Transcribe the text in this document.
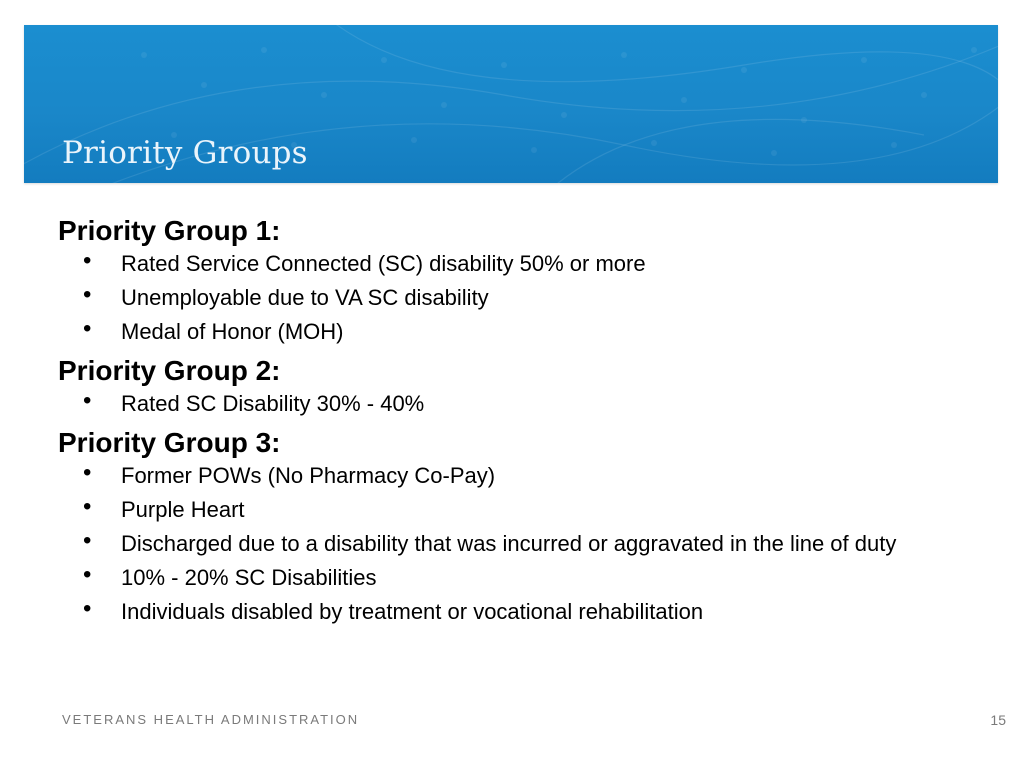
Priority Groups
Priority Group 1:
• Rated Service Connected (SC) disability 50% or more
• Unemployable due to VA SC disability
• Medal of Honor (MOH)
Priority Group 2:
• Rated SC Disability 30% - 40%
Priority Group 3:
• Former POWs (No Pharmacy Co-Pay)
• Purple Heart
• Discharged due to a disability that was incurred or aggravated in the line of duty
• 10% - 20% SC Disabilities
• Individuals disabled by treatment or vocational rehabilitation
VETERANS HEALTH ADMINISTRATION	15
